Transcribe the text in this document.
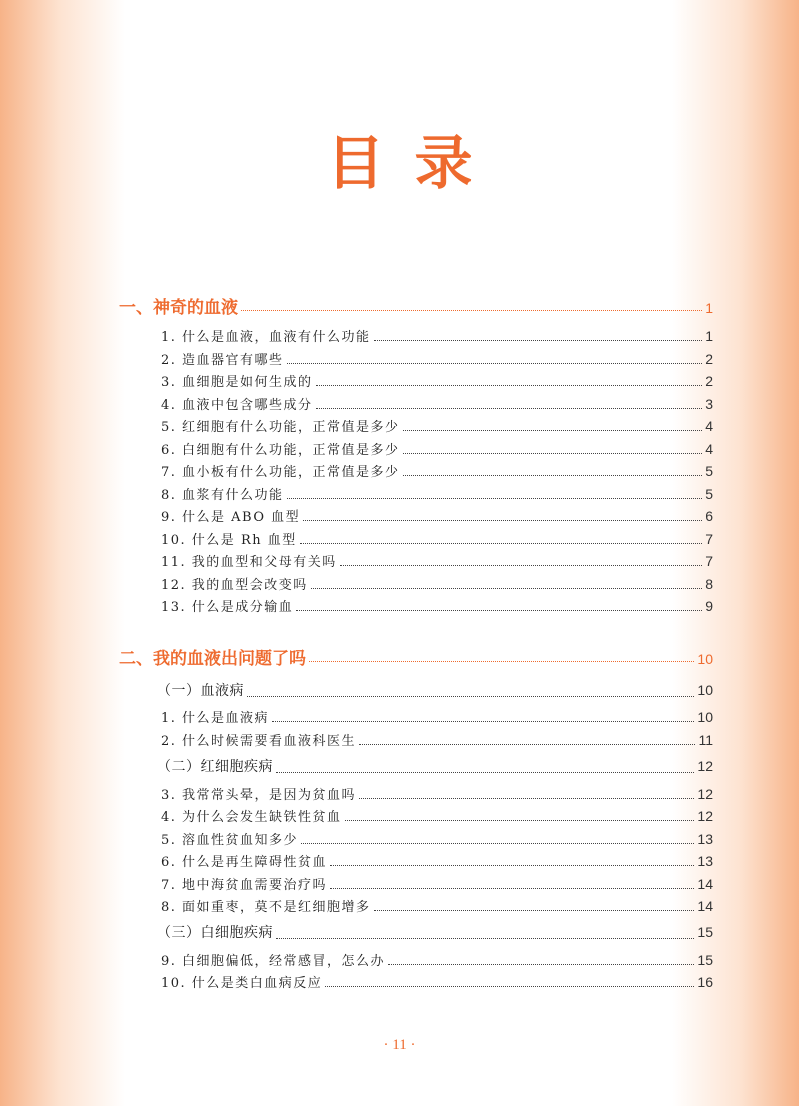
目录
一、神奇的血液	1
1. 什么是血液，血液有什么功能	1
2. 造血器官有哪些	2
3. 血细胞是如何生成的	2
4. 血液中包含哪些成分	3
5. 红细胞有什么功能，正常值是多少	4
6. 白细胞有什么功能，正常值是多少	4
7. 血小板有什么功能，正常值是多少	5
8. 血浆有什么功能	5
9. 什么是 ABO 血型	6
10. 什么是 Rh 血型	7
11. 我的血型和父母有关吗	7
12. 我的血型会改变吗	8
13. 什么是成分输血	9
二、我的血液出问题了吗	10
（一）血液病	10
1. 什么是血液病	10
2. 什么时候需要看血液科医生	11
（二）红细胞疾病	12
3. 我常常头晕，是因为贫血吗	12
4. 为什么会发生缺铁性贫血	12
5. 溶血性贫血知多少	13
6. 什么是再生障碍性贫血	13
7. 地中海贫血需要治疗吗	14
8. 面如重枣，莫不是红细胞增多	14
（三）白细胞疾病	15
9. 白细胞偏低，经常感冒，怎么办	15
10. 什么是类白血病反应	16
· 11 ·
